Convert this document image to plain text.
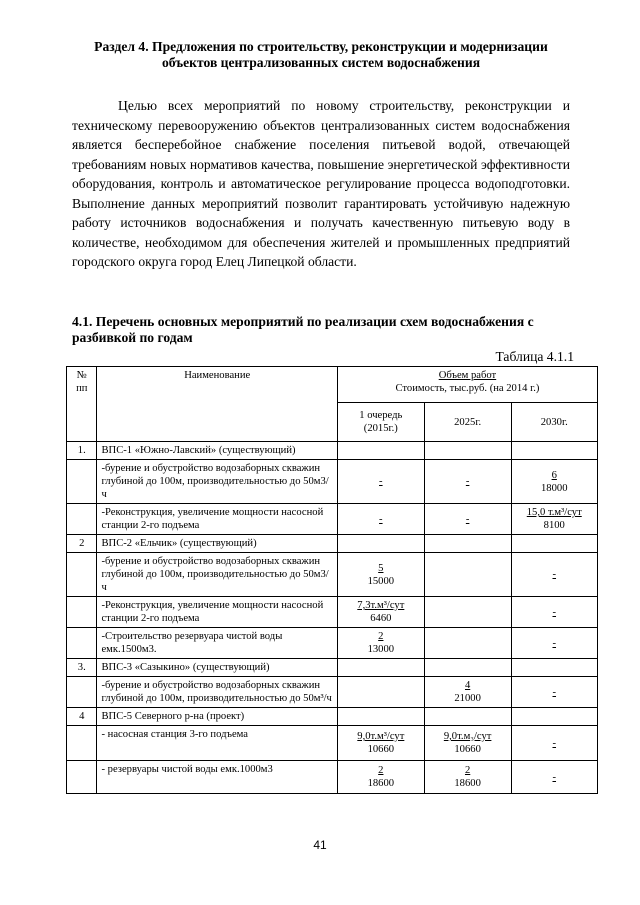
Раздел 4. Предложения по строительству, реконструкции и модернизации объектов централизованных систем водоснабжения

Целью всех мероприятий по новому строительству, реконструкции и техническому перевооружению объектов централизованных систем водоснабжения является бесперебойное снабжение поселения питьевой водой, отвечающей требованиям новых нормативов качества, повышение энергетической эффективности оборудования, контроль и автоматическое регулирование процесса водоподготовки. Выполнение данных мероприятий позволит гарантировать устойчивую надежную работу источников водоснабжения и получать качественную питьевую воду в количестве, необходимом для обеспечения жителей и промышленных предприятий городского округа город Елец Липецкой области.

4.1. Перечень основных мероприятий по реализации схем водоснабжения с разбивкой по годам
Таблица 4.1.1
№ пп	Наименование	Объем работ
Стоимость, тыс.руб. (на 2014 г.)		

		1 очередь (2015г.)	2025г.	2030г.
1.	ВПС-1 «Южно-Лавский» (существующий)			
	-бурение и обустройство водозаборных скважин глубиной до 100м, производительностью до 50м3/ч	-	-	$\frac{6}{18000}$

	-Реконструкция, увеличение мощности насосной станции 2-го подъема	-	-	$\frac{\text{15,0 т.м³/сут}}{8100}$

2	ВПС-2 «Ельчик» (существующий)			
	-бурение и обустройство водозаборных скважин глубиной до 100м, производительностью до 50м3/ч	$\frac{5}{15000}$		-
	-Реконструкция, увеличение мощности насосной станции 2-го подъема	$\frac{\text{7,3т.м³/сут}}{6460}$		-
	-Строительство резервуара чистой воды емк.1500м3.	$\frac{2}{13000}$		-
3.	ВПС-3 «Сазыкино» (существующий)			
	-бурение и обустройство водозаборных скважин глубиной до 100м, производительностью до 50м³/ч		$\frac{4}{21000}$	-
4	ВПС-5 Северного р-на (проект)			
	- насосная станция 3-го подъема	$\frac{\text{9,0т.м³/сут}}{10660}$	$\frac{\text{9,0т.м₃/сут}}{10660}$	-
	- резервуары чистой воды емк.1000м3	$\frac{2}{18600}$	$\frac{2}{18600}$	-
41
